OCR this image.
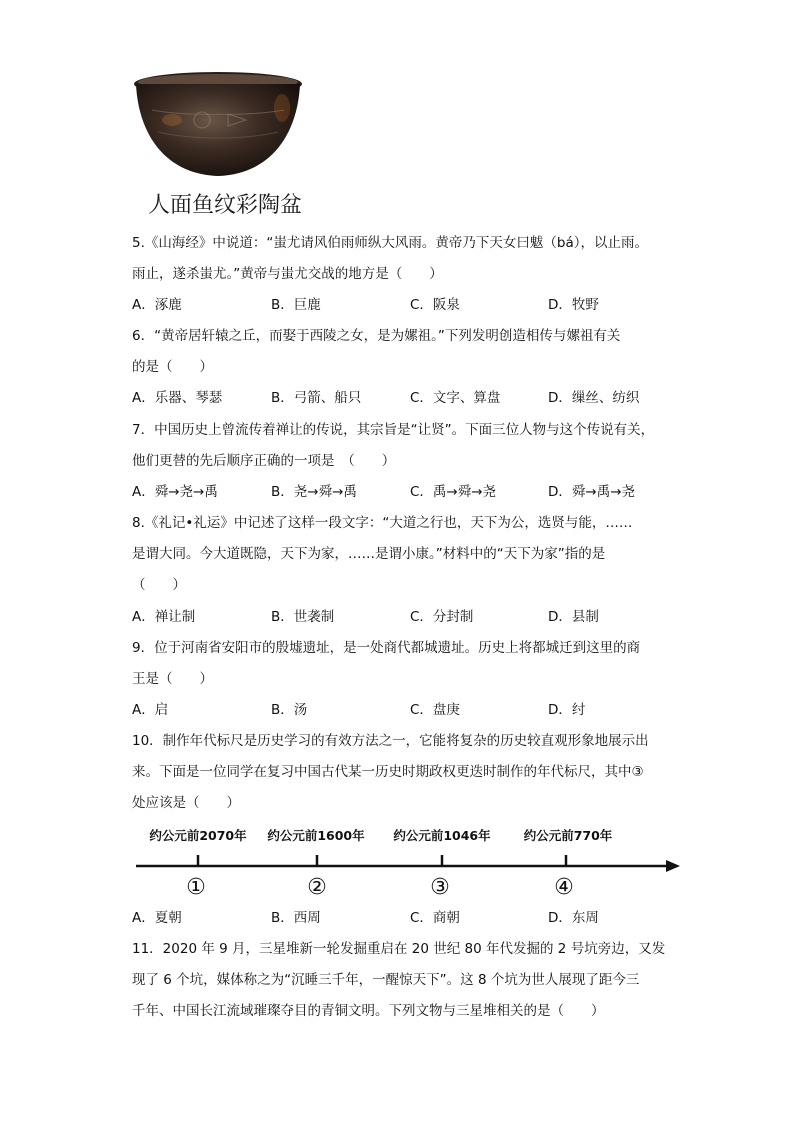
人面鱼纹彩陶盆
5.《山海经》中说道：“蚩尤请风伯雨师纵大风雨。黄帝乃下天女曰魃（bá），以止雨。
雨止，遂杀蚩尤。”黄帝与蚩尤交战的地方是（　　）
A．涿鹿	B．巨鹿	C．阪泉	D．牧野
6．“黄帝居轩辕之丘，而娶于西陵之女，是为嫘祖。”下列发明创造相传与嫘祖有关
的是（　　）
A．乐器、琴瑟	B．弓箭、船只	C．文字、算盘	D．缫丝、纺织
7．中国历史上曾流传着禅让的传说，其宗旨是“让贤”。下面三位人物与这个传说有关，
他们更替的先后顺序正确的一项是　（　　）
A．舜→尧→禹	B．尧→舜→禹	C．禹→舜→尧	D．舜→禹→尧
8.《礼记•礼运》中记述了这样一段文字：“大道之行也，天下为公，选贤与能，……
是谓大同。今大道既隐，天下为家，……是谓小康。”材料中的“天下为家”指的是
（　　）
A．禅让制	B．世袭制	C．分封制	D．县制
9．位于河南省安阳市的殷墟遗址，是一处商代都城遗址。历史上将都城迁到这里的商
王是（　　）
A．启	B．汤	C．盘庚	D．纣
10．制作年代标尺是历史学习的有效方法之一，它能将复杂的历史较直观形象地展示出
来。下面是一位同学在复习中国古代某一历史时期政权更迭时制作的年代标尺，其中③
处应该是（　　）
约公元前2070年 约公元前1600年 约公元前1046年	约公元前770年
①	②	③	④
A．夏朝	B．西周	C．商朝	D．东周
11．2020 年 9 月，三星堆新一轮发掘重启在 20 世纪 80 年代发掘的 2 号坑旁边，又发
现了 6 个坑，媒体称之为“沉睡三千年，一醒惊天下”。这 8 个坑为世人展现了距今三
千年、中国长江流域璀璨夺目的青铜文明。下列文物与三星堆相关的是（　　）
